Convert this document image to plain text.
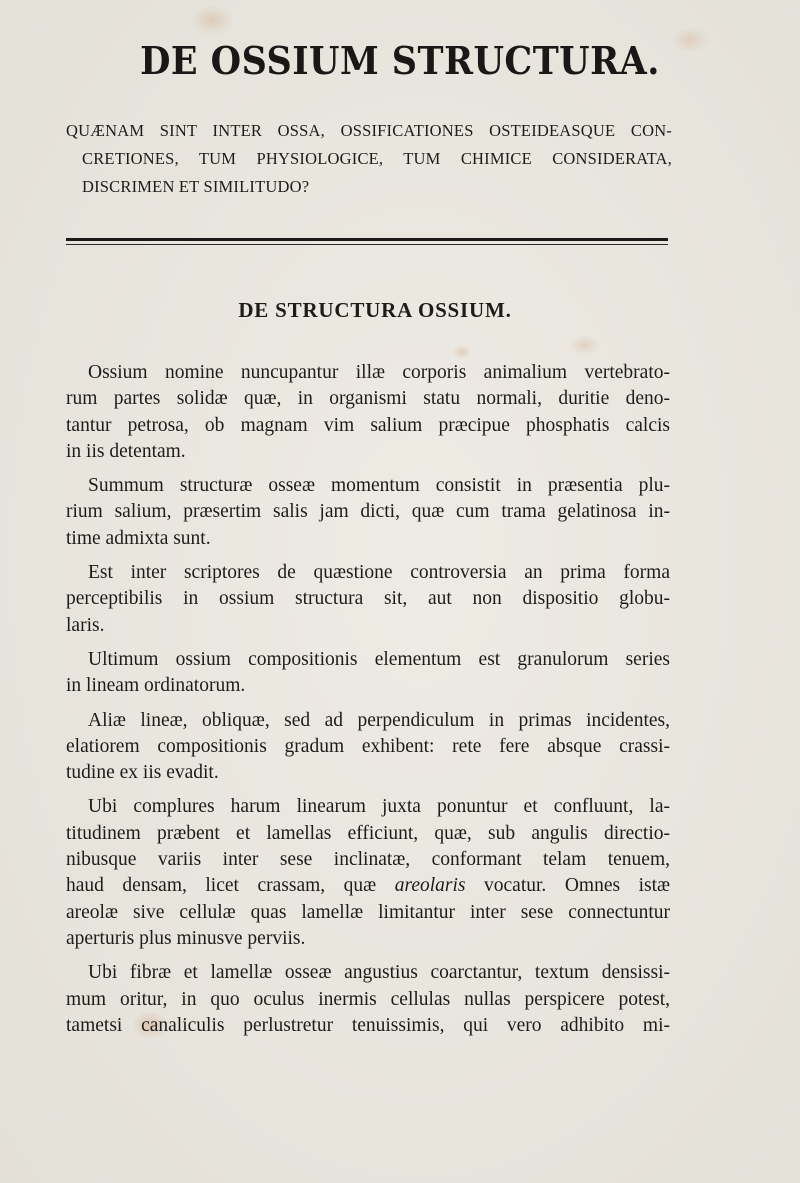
DE OSSIUM STRUCTURA.
QUÆNAM SINT INTER OSSA, OSSIFICATIONES OSTEIDEASQUE CON-
CRETIONES, TUM PHYSIOLOGICE, TUM CHIMICE CONSIDERATA,
DISCRIMEN ET SIMILITUDO?
DE STRUCTURA OSSIUM.

Ossium nomine nuncupantur illæ corporis animalium vertebrato-
rum partes solidæ quæ, in organismi statu normali, duritie deno-
tantur petrosa, ob magnam vim salium præcipue phosphatis calcis
in iis detentam.

Summum structuræ osseæ momentum consistit in præsentia plu-
rium salium, præsertim salis jam dicti, quæ cum trama gelatinosa in-
time admixta sunt.

Est inter scriptores de quæstione controversia an prima forma
perceptibilis in ossium structura sit, aut non dispositio globu-
laris.

Ultimum ossium compositionis elementum est granulorum series
in lineam ordinatorum.

Aliæ lineæ, obliquæ, sed ad perpendiculum in primas incidentes,
elatiorem compositionis gradum exhibent: rete fere absque crassi-
tudine ex iis evadit.

Ubi complures harum linearum juxta ponuntur et confluunt, la-
titudinem præbent et lamellas efficiunt, quæ, sub angulis directio-
nibusque variis inter sese inclinatæ, conformant telam tenuem,
haud densam, licet crassam, quæ areolaris vocatur. Omnes istæ
areolæ sive cellulæ quas lamellæ limitantur inter sese connectuntur
aperturis plus minusve perviis.

Ubi fibræ et lamellæ osseæ angustius coarctantur, textum densissi-
mum oritur, in quo oculus inermis cellulas nullas perspicere potest,
tametsi canaliculis perlustretur tenuissimis, qui vero adhibito mi-
